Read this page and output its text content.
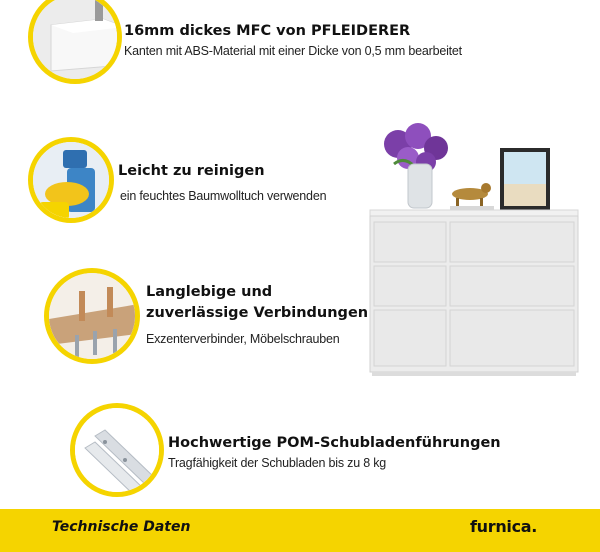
16mm dickes MFC von PFLEIDERER
Kanten mit ABS-Material mit einer Dicke von 0,5 mm bearbeitet
Leicht zu reinigen
ein feuchtes Baumwolltuch verwenden
Langlebige und
zuverlässige Verbindungen
Exzenterverbinder, Möbelschrauben
Hochwertige POM-Schubladenführungen
Tragfähigkeit der Schubladen bis zu 8 kg
Technische Daten	furnica.
